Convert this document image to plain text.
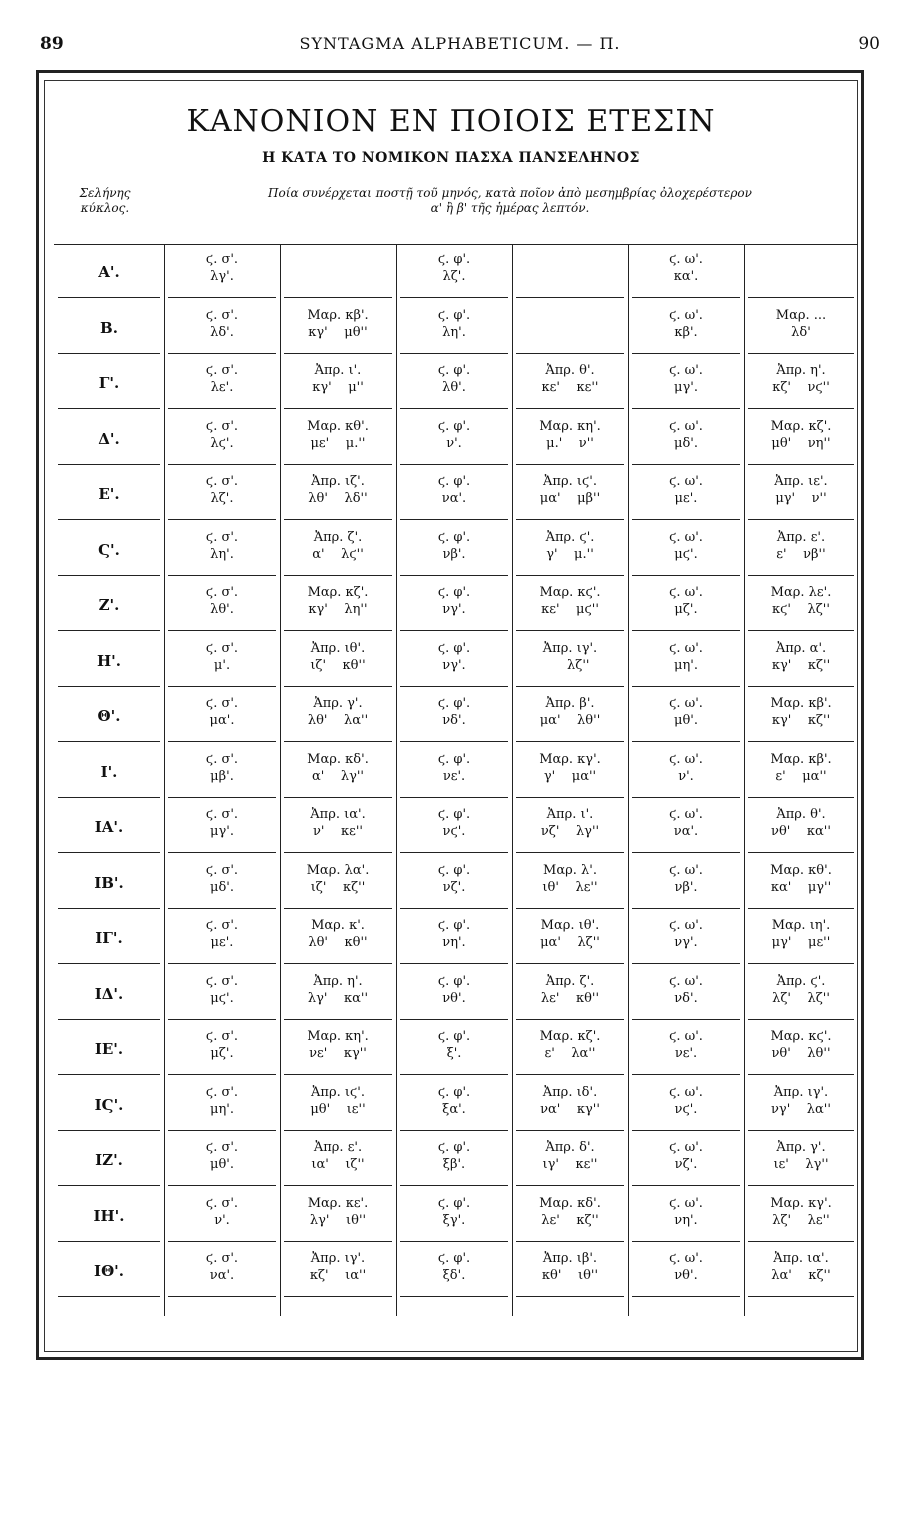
89	SYNTAGMA ALPHABETICUM. — Π.	90
ΚΑΝΟΝΙΟΝ ΕΝ ΠΟΙΟΙΣ ΕΤΕΣΙΝ
Η ΚΑΤΑ ΤΟ ΝΟΜΙΚΟΝ ΠΑΣΧΑ ΠΑΝΣΕΛΗΝΟΣ
Σελήνης
κύκλος.
Ποία συνέρχεται ποστῇ τοῦ μηνός, κατὰ ποῖον ἀπὸ μεσημβρίας ὀλοχερέστερον
α' ἢ β' τῆς ἡμέρας λεπτόν.
Α'.
ϛ. σ'.
λγ'.
ϛ. φ'.
λζ'.
ϛ. ω'.
κα'.
Β.
ϛ. σ'.
λδ'.
Μαρ. κβ'.
κγ'    μθ''
ϛ. φ'.
λη'.
ϛ. ω'.
κβ'.
Μαρ. ...
λδ'
Γ'.
ϛ. σ'.
λε'.
Ἀπρ. ι'.
κγ'    μ''
ϛ. φ'.
λθ'.
Ἀπρ. θ'.
κε'    κε''
ϛ. ω'.
μγ'.
Ἀπρ. η'.
κζ'    νϛ''
Δ'.
ϛ. σ'.
λϛ'.
Μαρ. κθ'.
με'    μ.''
ϛ. φ'.
ν'.
Μαρ. κη'.
μ.'    ν''
ϛ. ω'.
μδ'.
Μαρ. κζ'.
μθ'    νη''
Ε'.
ϛ. σ'.
λζ'.
Ἀπρ. ιζ'.
λθ'    λδ''
ϛ. φ'.
να'.
Ἀπρ. ιϛ'.
μα'    μβ''
ϛ. ω'.
με'.
Ἀπρ. ιε'.
μγ'    ν''
Ϛ'.
ϛ. σ'.
λη'.
Ἀπρ. ζ'.
α'    λϛ''
ϛ. φ'.
νβ'.
Ἀπρ. ϛ'.
γ'    μ.''
ϛ. ω'.
μϛ'.
Ἀπρ. ε'.
ε'    νβ''
Ζ'.
ϛ. σ'.
λθ'.
Μαρ. κζ'.
κγ'    λη''
ϛ. φ'.
νγ'.
Μαρ. κϛ'.
κε'    μϛ''
ϛ. ω'.
μζ'.
Μαρ. λε'.
κϛ'    λζ''
Η'.
ϛ. σ'.
μ'.
Ἀπρ. ιθ'.
ιζ'    κθ''
ϛ. φ'.
νγ'.
Ἀπρ. ιγ'.
λζ''
ϛ. ω'.
μη'.
Ἀπρ. α'.
κγ'    κζ''
Θ'.
ϛ. σ'.
μα'.
Ἀπρ. γ'.
λθ'    λα''
ϛ. φ'.
νδ'.
Ἀπρ. β'.
μα'    λθ''
ϛ. ω'.
μθ'.
Μαρ. κβ'.
κγ'    κζ''
Ι'.
ϛ. σ'.
μβ'.
Μαρ. κδ'.
α'    λγ''
ϛ. φ'.
νε'.
Μαρ. κγ'.
γ'    μα''
ϛ. ω'.
ν'.
Μαρ. κβ'.
ε'    μα''
ΙΑ'.
ϛ. σ'.
μγ'.
Ἀπρ. ια'.
ν'    κε''
ϛ. φ'.
νϛ'.
Ἀπρ. ι'.
νζ'    λγ''
ϛ. ω'.
να'.
Ἀπρ. θ'.
νθ'    κα''
ΙΒ'.
ϛ. σ'.
μδ'.
Μαρ. λα'.
ιζ'    κζ''
ϛ. φ'.
νζ'.
Μαρ. λ'.
ιθ'    λε''
ϛ. ω'.
νβ'.
Μαρ. κθ'.
κα'    μγ''
ΙΓ'.
ϛ. σ'.
με'.
Μαρ. κ'.
λθ'    κθ''
ϛ. φ'.
νη'.
Μαρ. ιθ'.
μα'    λζ''
ϛ. ω'.
νγ'.
Μαρ. ιη'.
μγ'    με''
ΙΔ'.
ϛ. σ'.
μϛ'.
Ἀπρ. η'.
λγ'    κα''
ϛ. φ'.
νθ'.
Ἀπρ. ζ'.
λε'    κθ''
ϛ. ω'.
νδ'.
Ἀπρ. ϛ'.
λζ'    λζ''
ΙΕ'.
ϛ. σ'.
μζ'.
Μαρ. κη'.
νε'    κγ''
ϛ. φ'.
ξ'.
Μαρ. κζ'.
ε'    λα''
ϛ. ω'.
νε'.
Μαρ. κϛ'.
νθ'    λθ''
ΙϚ'.
ϛ. σ'.
μη'.
Ἀπρ. ιϛ'.
μθ'    ιε''
ϛ. φ'.
ξα'.
Ἀπρ. ιδ'.
να'    κγ''
ϛ. ω'.
νϛ'.
Ἀπρ. ιγ'.
νγ'    λα''
ΙΖ'.
ϛ. σ'.
μθ'.
Ἀπρ. ε'.
ια'    ιζ''
ϛ. φ'.
ξβ'.
Ἀπρ. δ'.
ιγ'    κε''
ϛ. ω'.
νζ'.
Ἀπρ. γ'.
ιε'    λγ''
ΙΗ'.
ϛ. σ'.
ν'.
Μαρ. κε'.
λγ'    ιθ''
ϛ. φ'.
ξγ'.
Μαρ. κδ'.
λε'    κζ''
ϛ. ω'.
νη'.
Μαρ. κγ'.
λζ'    λε''
ΙΘ'.
ϛ. σ'.
να'.
Ἀπρ. ιγ'.
κζ'    ια''
ϛ. φ'.
ξδ'.
Ἀπρ. ιβ'.
κθ'    ιθ''
ϛ. ω'.
νθ'.
Ἀπρ. ια'.
λα'    κζ''
